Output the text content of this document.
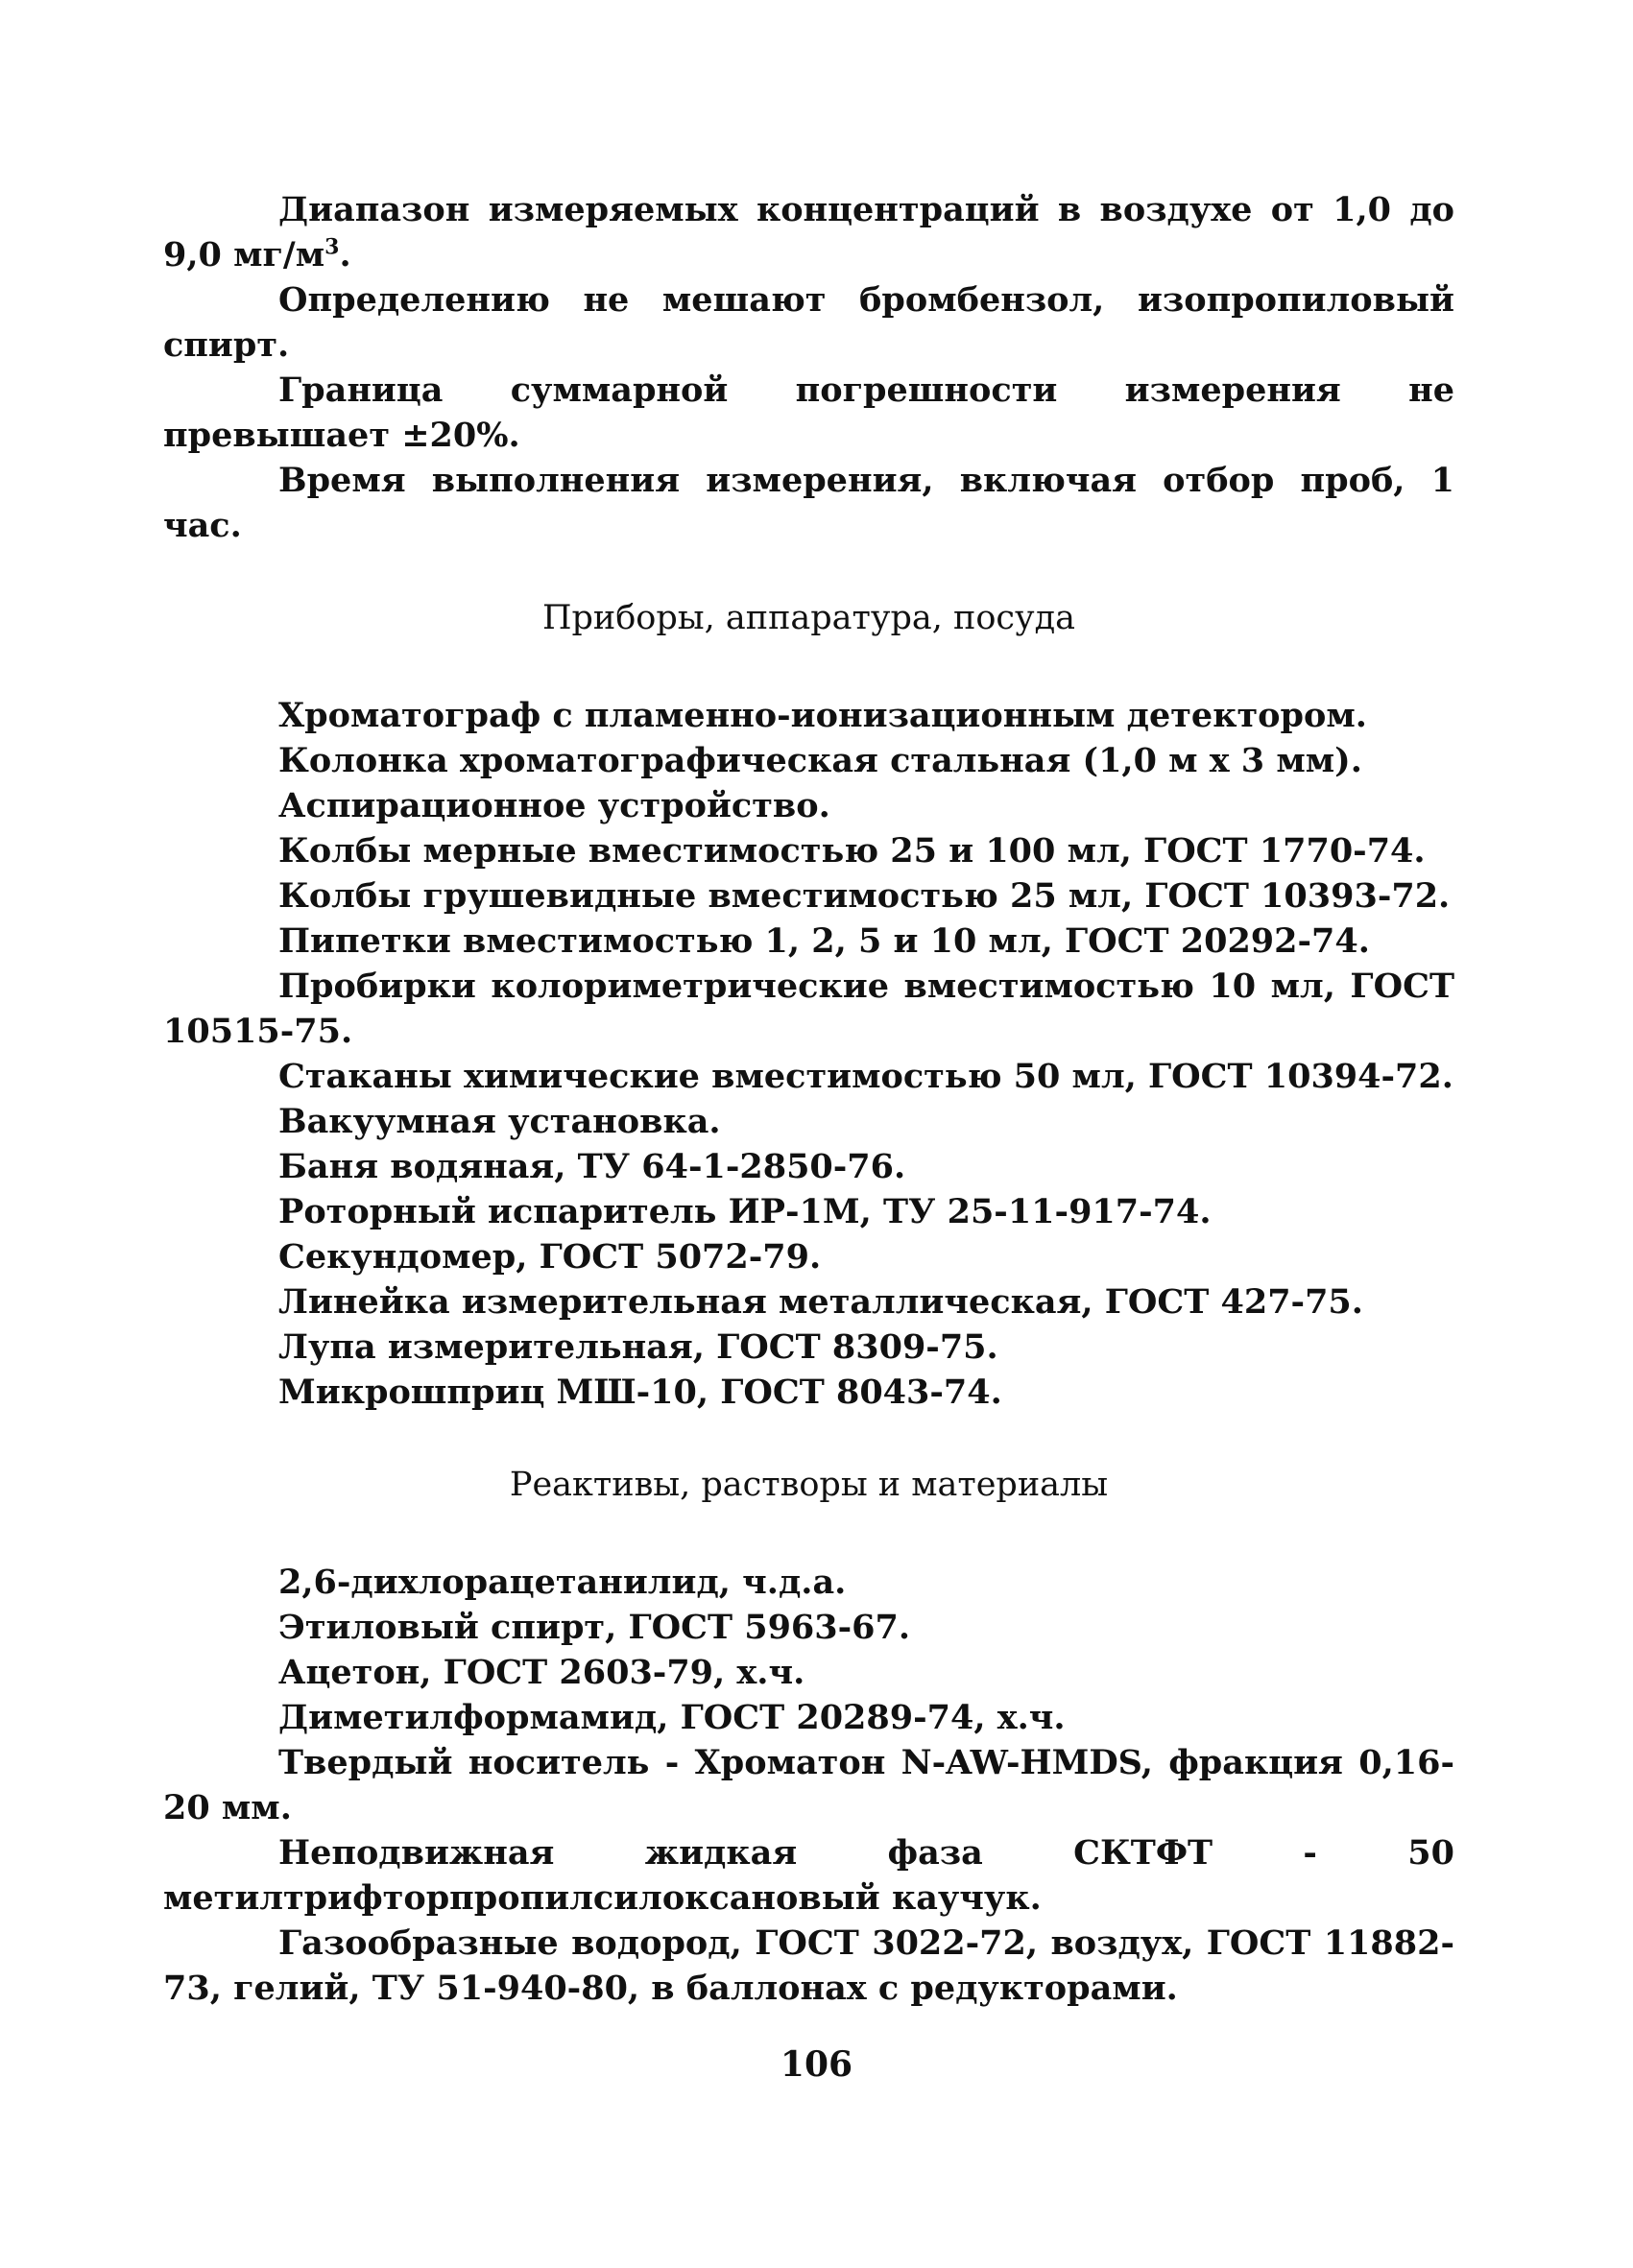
Диапазон измеряемых концентраций в воздухе от 1,0 до 9,0 $мг/м^3$.

Определению не мешают бромбензол, изопропиловый спирт.

Граница суммарной погрешности измерения не превышает ±20%.

Время выполнения измерения, включая отбор проб, 1 час.

Приборы, аппаратура, посуда

Хроматограф с пламенно-ионизационным детектором.

Колонка хроматографическая стальная (1,0 м х 3 мм).

Аспирационное устройство.

Колбы мерные вместимостью 25 и 100 мл, ГОСТ 1770-74.

Колбы грушевидные вместимостью 25 мл, ГОСТ 10393-72.

Пипетки вместимостью 1, 2, 5 и 10 мл, ГОСТ 20292-74.

Пробирки колориметрические вместимостью 10 мл, ГОСТ 10515-75.

Стаканы химические вместимостью 50 мл, ГОСТ 10394-72.

Вакуумная установка.

Баня водяная, ТУ 64-1-2850-76.

Роторный испаритель ИР-1М, ТУ 25-11-917-74.

Секундомер, ГОСТ 5072-79.

Линейка измерительная металлическая, ГОСТ 427-75.

Лупа измерительная, ГОСТ 8309-75.

Микрошприц МШ-10, ГОСТ 8043-74.

Реактивы, растворы и материалы

2,6-дихлорацетанилид, ч.д.а.

Этиловый спирт, ГОСТ 5963-67.

Ацетон, ГОСТ 2603-79, х.ч.

Диметилформамид, ГОСТ 20289-74, х.ч.

Твердый носитель - Хроматон N-AW-HMDS, фракция 0,16-20 мм.

Неподвижная жидкая фаза СКТФТ - 50 метилтрифторпропилсилоксановый каучук.

Газообразные водород, ГОСТ 3022-72, воздух, ГОСТ 11882-73, гелий, ТУ 51-940-80, в баллонах с редукторами.

106
